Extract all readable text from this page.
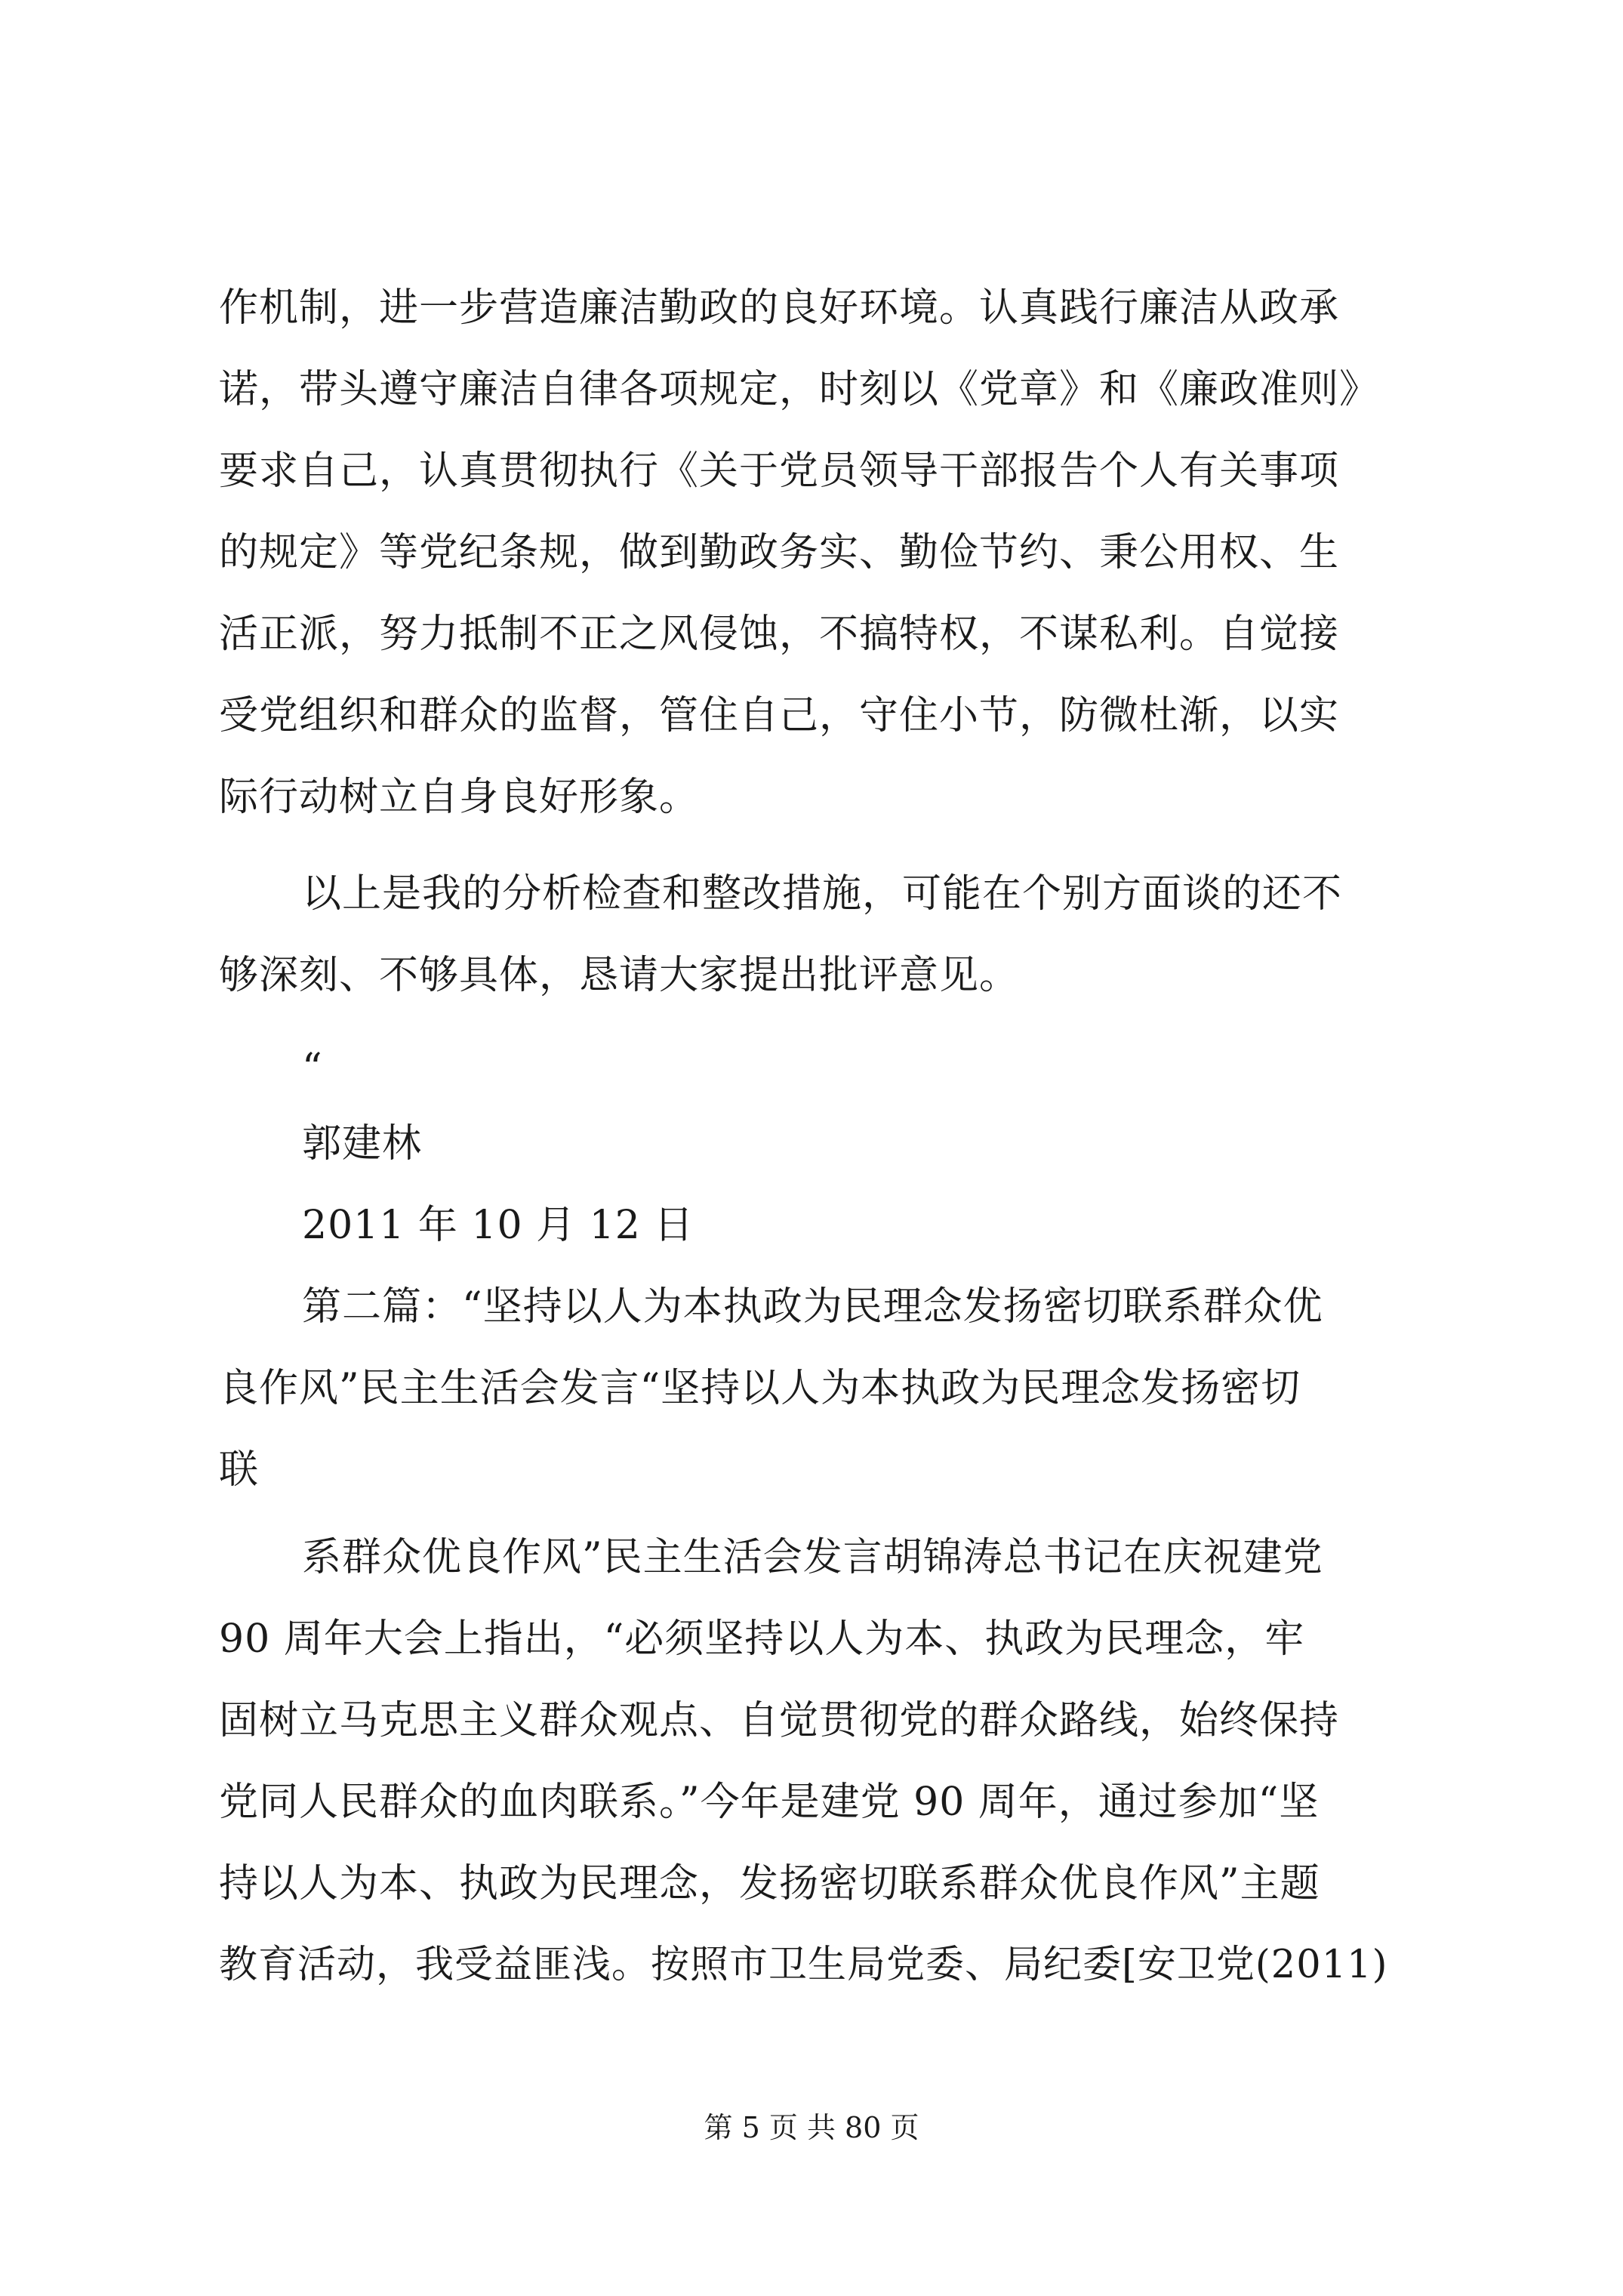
作机制，进一步营造廉洁勤政的良好环境。认真践行廉洁从政承
诺，带头遵守廉洁自律各项规定，时刻以《党章》和《廉政准则》
要求自己，认真贯彻执行《关于党员领导干部报告个人有关事项
的规定》等党纪条规，做到勤政务实、勤俭节约、秉公用权、生
活正派，努力抵制不正之风侵蚀，不搞特权，不谋私利。自觉接
受党组织和群众的监督，管住自己，守住小节，防微杜渐，以实
际行动树立自身良好形象。
以上是我的分析检查和整改措施，可能在个别方面谈的还不
够深刻、不够具体，恳请大家提出批评意见。
“
郭建林
2011 年 10 月 12 日
第二篇：“坚持以人为本执政为民理念发扬密切联系群众优
良作风”民主生活会发言“坚持以人为本执政为民理念发扬密切
联
系群众优良作风”民主生活会发言胡锦涛总书记在庆祝建党
90 周年大会上指出，“必须坚持以人为本、执政为民理念，牢
固树立马克思主义群众观点、自觉贯彻党的群众路线，始终保持
党同人民群众的血肉联系。”今年是建党 90 周年，通过参加“坚
持以人为本、执政为民理念，发扬密切联系群众优良作风”主题
教育活动，我受益匪浅。按照市卫生局党委、局纪委[安卫党(2011)
第 5 页 共 80 页
